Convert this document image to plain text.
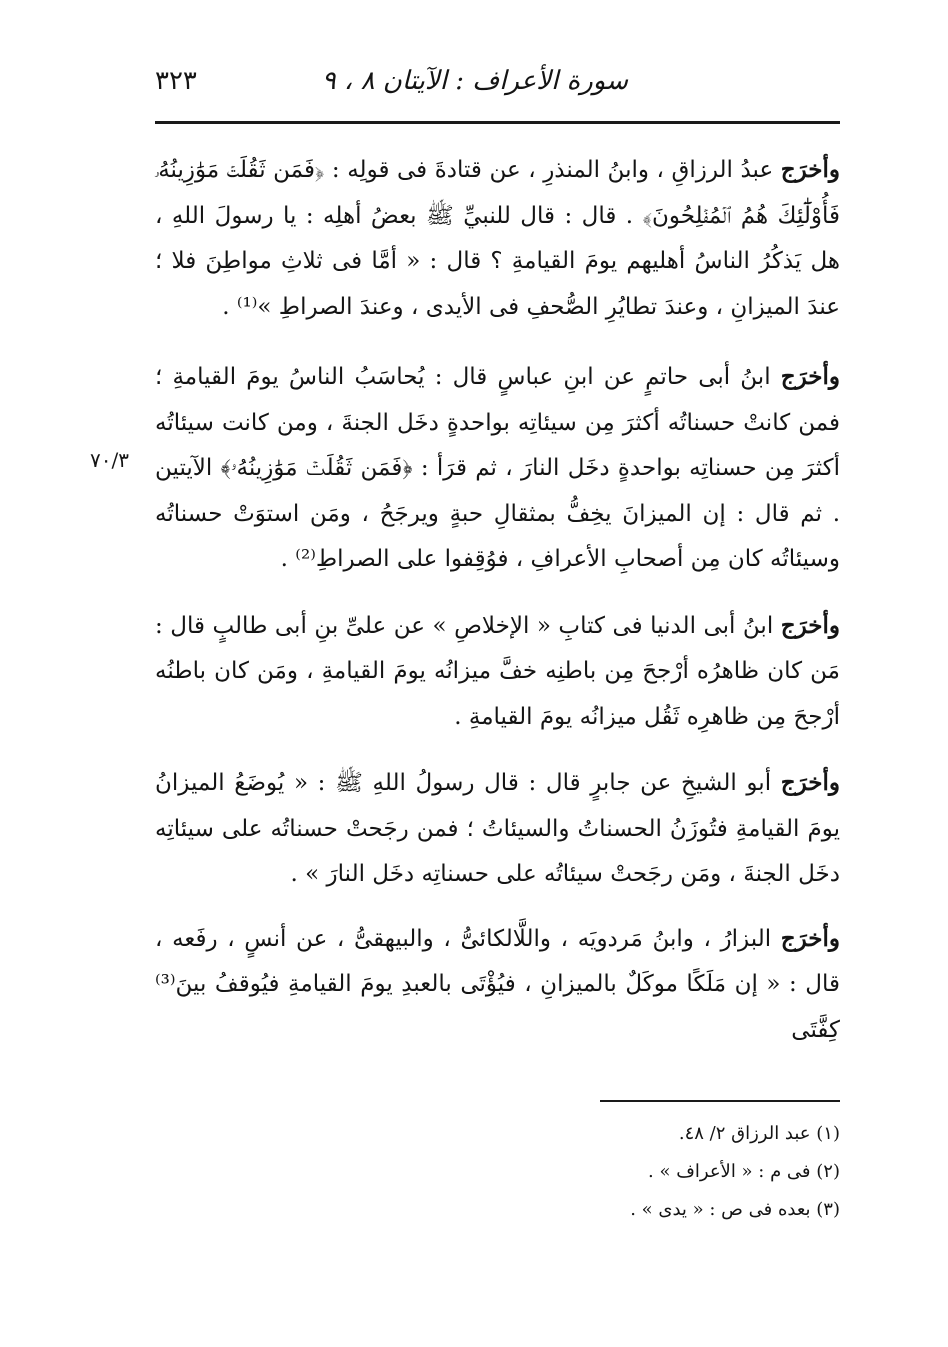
سورة الأعراف : الآيتان ٨ ، ٩
٣٢٣
٧٠/٣

وأخرَج عبدُ الرزاقِ ، وابنُ المنذرِ ، عن قتادةَ فى قولِه : ﴿فَمَن ثَقُلَتۡ مَوَٰزِينُهُۥ فَأُوْلَٰٓئِكَ هُمُ ٱلۡمُفۡلِحُونَ﴾ . قال : قال للنبيِّ ﷺ بعضُ أهلِه : يا رسولَ اللهِ ، هل يَذكُرُ الناسُ أهليهم يومَ القيامةِ ؟ قال : « أمَّا فى ثلاثِ مواطِنَ فلا ؛ عندَ الميزانِ ، وعندَ تطايُرِ الصُّحفِ فى الأيدى ، وعندَ الصراطِ »⁽¹⁾ .

وأخرَج ابنُ أبى حاتمٍ عن ابنِ عباسٍ قال : يُحاسَبُ الناسُ يومَ القيامةِ ؛ فمن كانتْ حسناتُه أكثرَ مِن سيئاتِه بواحدةٍ دخَل الجنةَ ، ومن كانت سيئاتُه أكثرَ مِن حسناتِه بواحدةٍ دخَل النارَ ، ثم قرَأ : ﴿فَمَن ثَقُلَتۡ مَوَٰزِينُهُۥ﴾ الآيتين . ثم قال : إن الميزانَ يخِفُّ بمثقالِ حبةٍ ويرجَحُ ، ومَن استوَتْ حسناتُه وسيئاتُه كان مِن أصحابِ الأعرافِ ، فوُقِفوا على الصراطِ⁽²⁾ .

وأخرَج ابنُ أبى الدنيا فى كتابِ « الإخلاصِ » عن علىِّ بنِ أبى طالبٍ قال : مَن كان ظاهرُه أرْجحَ مِن باطنِه خفَّ ميزانُه يومَ القيامةِ ، ومَن كان باطنُه أرْجحَ مِن ظاهرِه ثَقُل ميزانُه يومَ القيامةِ .

وأخرَج أبو الشيخِ عن جابرٍ قال : قال رسولُ اللهِ ﷺ : « يُوضَعُ الميزانُ يومَ القيامةِ فتُوزَنُ الحسناتُ والسيئاتُ ؛ فمن رجَحتْ حسناتُه على سيئاتِه دخَل الجنةَ ، ومَن رجَحتْ سيئاتُه على حسناتِه دخَل النارَ » .

وأخرَج البزارُ ، وابنُ مَردويَه ، واللَّالكائىُّ ، والبيهقىُّ ، عن أنسٍ ، رفَعه ، قال : « إن مَلَكًا موكَلٌ بالميزانِ ، فيُؤْتَى بالعبدِ يومَ القيامةِ فيُوقفُ بينَ⁽³⁾ كِفَّتَى

(١) عبد الرزاق ٢/ ٤٨.

(٢) فى م : « الأعراف » .

(٣) بعده فى ص : « يدى » .
